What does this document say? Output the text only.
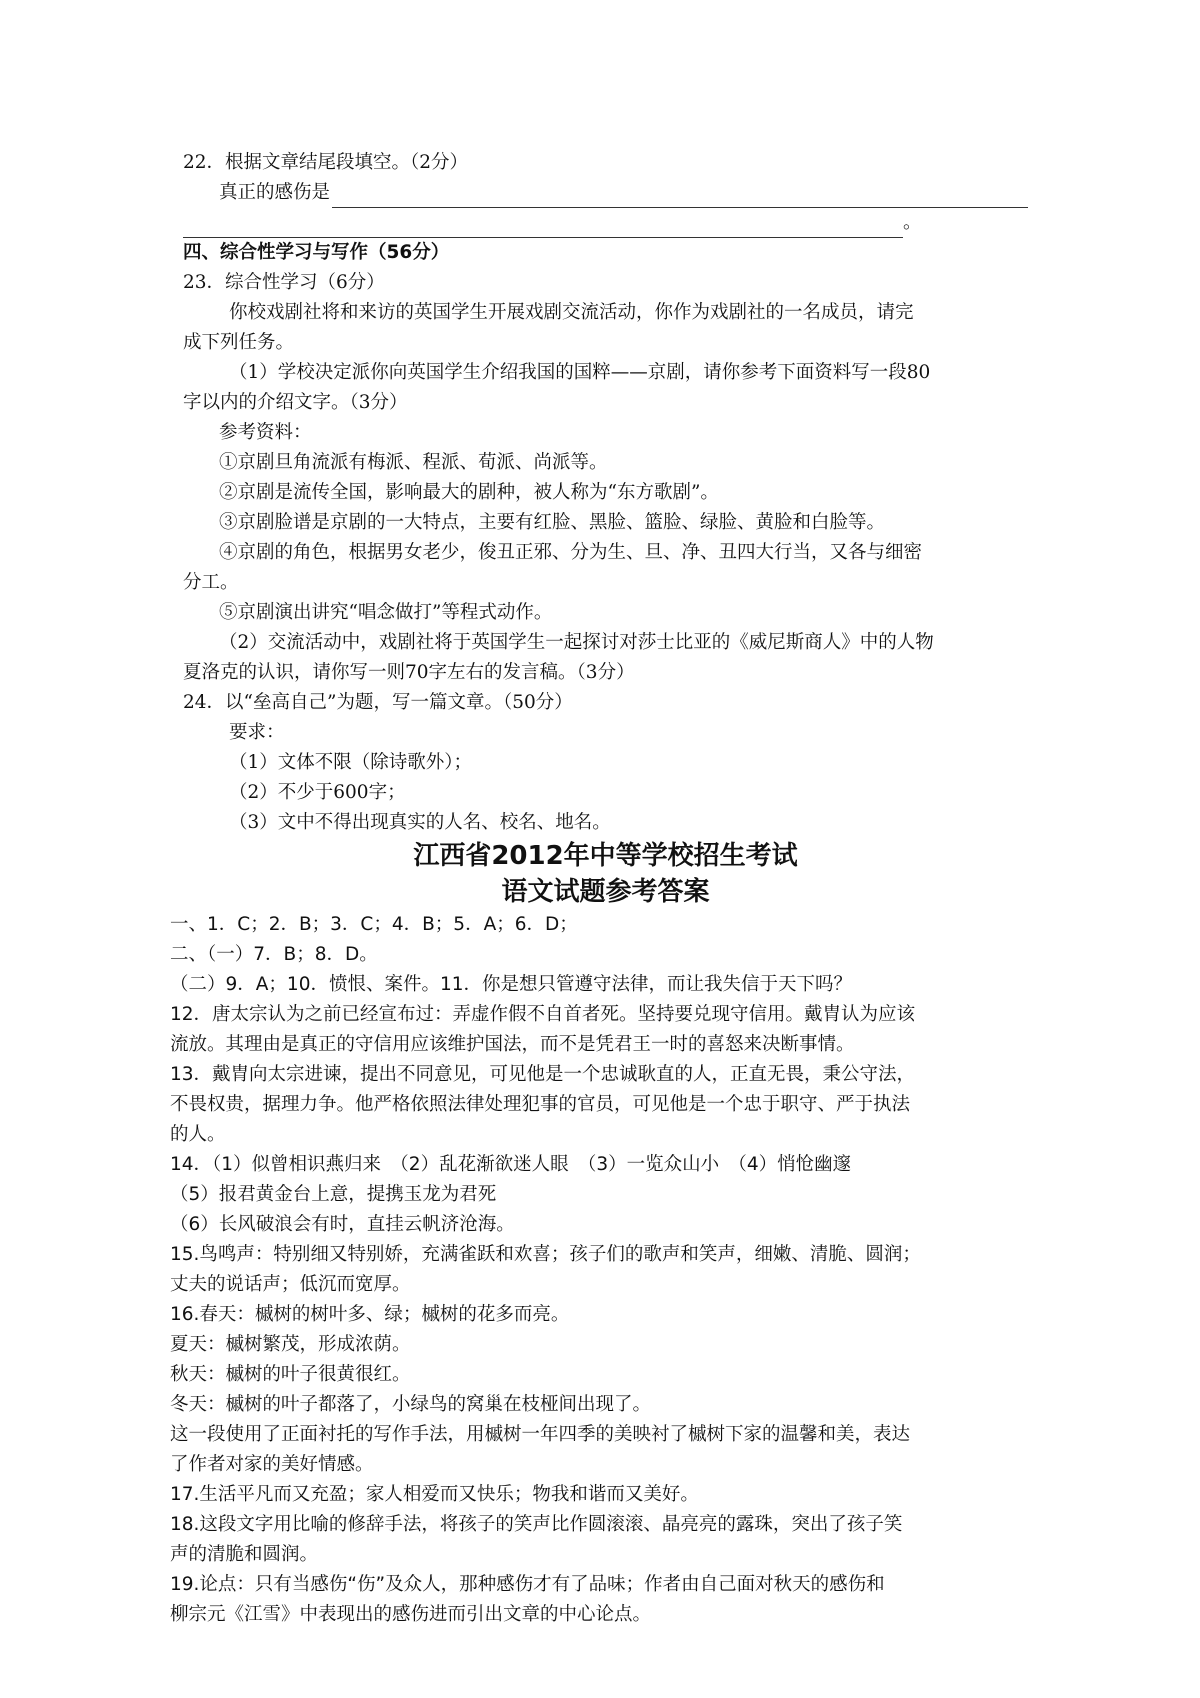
22．根据文章结尾段填空。（2分）
真正的感伤是
。
四、综合性学习与写作（56分）
23．综合性学习（6分）
你校戏剧社将和来访的英国学生开展戏剧交流活动，你作为戏剧社的一名成员，请完
成下列任务。
（1）学校决定派你向英国学生介绍我国的国粹——京剧，请你参考下面资料写一段80
字以内的介绍文字。（3分）
参考资料：
①京剧旦角流派有梅派、程派、荀派、尚派等。
②京剧是流传全国，影响最大的剧种，被人称为“东方歌剧”。
③京剧脸谱是京剧的一大特点，主要有红脸、黑脸、篮脸、绿脸、黄脸和白脸等。
④京剧的角色，根据男女老少，俊丑正邪、分为生、旦、净、丑四大行当，又各与细密
分工。
⑤京剧演出讲究“唱念做打”等程式动作。
（2）交流活动中，戏剧社将于英国学生一起探讨对莎士比亚的《威尼斯商人》中的人物
夏洛克的认识，请你写一则70字左右的发言稿。（3分）
24．以“垒高自己”为题，写一篇文章。（50分）
要求：
（1）文体不限（除诗歌外）；
（2）不少于600字；
（3）文中不得出现真实的人名、校名、地名。
江西省2012年中等学校招生考试
语文试题参考答案
一、1．C；2．B；3．C；4．B；5．A；6．D；
二、（一）7．B；8．D。
（二）9．A；10．愤恨、案件。11．你是想只管遵守法律，而让我失信于天下吗？
12．唐太宗认为之前已经宣布过：弄虚作假不自首者死。坚持要兑现守信用。戴胄认为应该
流放。其理由是真正的守信用应该维护国法，而不是凭君王一时的喜怒来决断事情。
13．戴胄向太宗进谏，提出不同意见，可见他是一个忠诚耿直的人，正直无畏，秉公守法，
不畏权贵，据理力争。他严格依照法律处理犯事的官员，可见他是一个忠于职守、严于执法
的人。
14．（1）似曾相识燕归来　（2）乱花渐欲迷人眼　（3）一览众山小　（4）悄怆幽邃
（5）报君黄金台上意，提携玉龙为君死
（6）长风破浪会有时，直挂云帆济沧海。
15.鸟鸣声：特别细又特别娇，充满雀跃和欢喜；孩子们的歌声和笑声，细嫩、清脆、圆润；
丈夫的说话声；低沉而宽厚。
16.春天：槭树的树叶多、绿；槭树的花多而亮。
夏天：槭树繁茂，形成浓荫。
秋天：槭树的叶子很黄很红。
冬天：槭树的叶子都落了，小绿鸟的窝巢在枝桠间出现了。
这一段使用了正面衬托的写作手法，用槭树一年四季的美映衬了槭树下家的温馨和美，表达
了作者对家的美好情感。
17.生活平凡而又充盈；家人相爱而又快乐；物我和谐而又美好。
18.这段文字用比喻的修辞手法，将孩子的笑声比作圆滚滚、晶亮亮的露珠，突出了孩子笑
声的清脆和圆润。
19.论点：只有当感伤“伤”及众人，那种感伤才有了品味；作者由自己面对秋天的感伤和
柳宗元《江雪》中表现出的感伤进而引出文章的中心论点。
